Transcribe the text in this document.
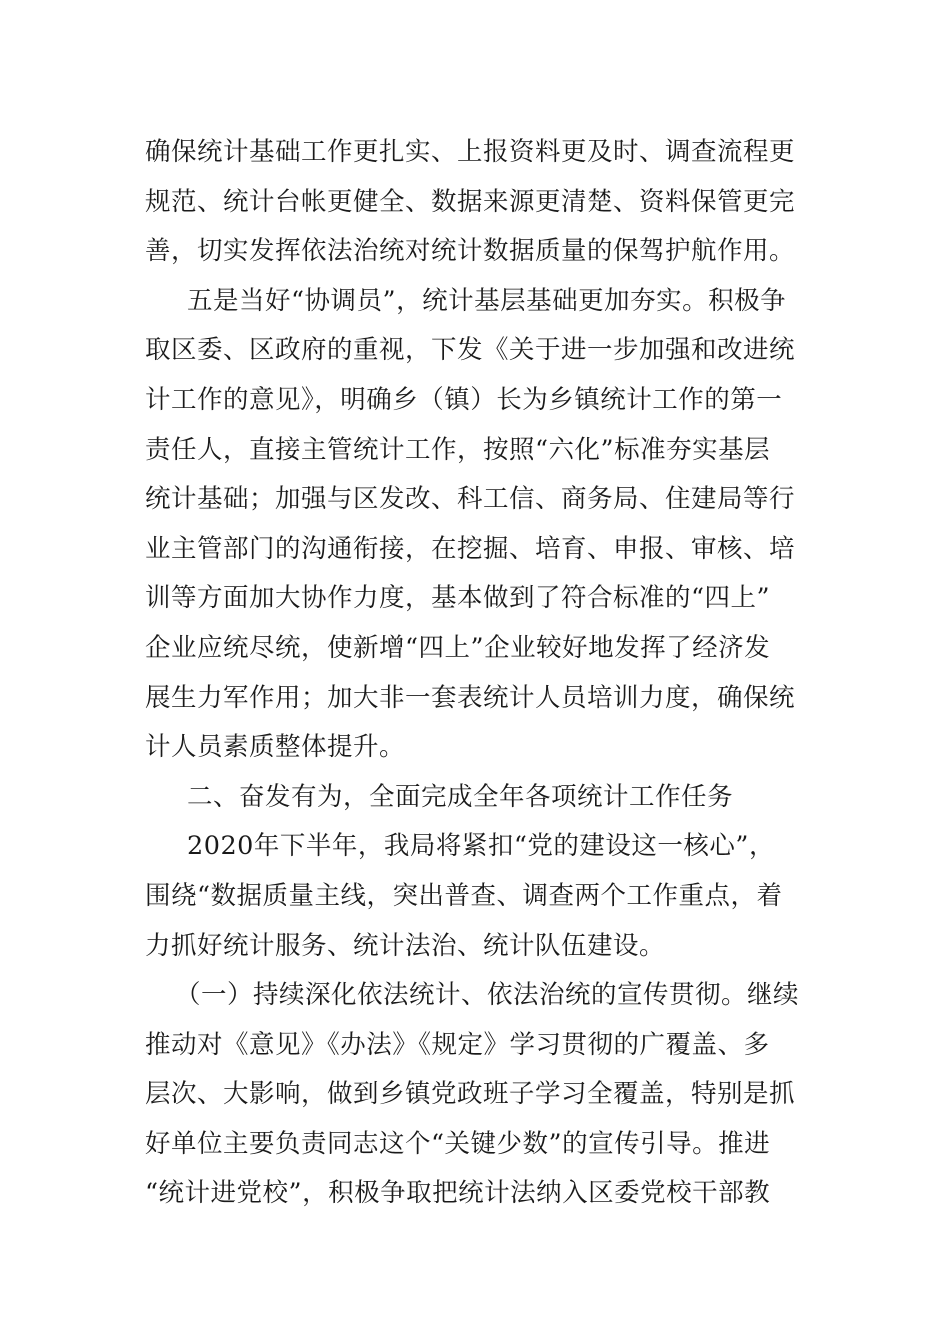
确保统计基础工作更扎实、上报资料更及时、调查流程更
规范、统计台帐更健全、数据来源更清楚、资料保管更完
善，切实发挥依法治统对统计数据质量的保驾护航作用。
五是当好“协调员”，统计基层基础更加夯实。积极争
取区委、区政府的重视，下发《关于进一步加强和改进统
计工作的意见》，明确乡（镇）长为乡镇统计工作的第一
责任人，直接主管统计工作，按照“六化”标准夯实基层
统计基础；加强与区发改、科工信、商务局、住建局等行
业主管部门的沟通衔接，在挖掘、培育、申报、审核、培
训等方面加大协作力度，基本做到了符合标准的“四上”
企业应统尽统，使新增“四上”企业较好地发挥了经济发
展生力军作用；加大非一套表统计人员培训力度，确保统
计人员素质整体提升。
二、奋发有为，全面完成全年各项统计工作任务
2020年下半年，我局将紧扣“党的建设这一核心”，
围绕“数据质量主线，突出普查、调查两个工作重点，着
力抓好统计服务、统计法治、统计队伍建设。
（一）持续深化依法统计、依法治统的宣传贯彻。继续
推动对《意见》《办法》《规定》学习贯彻的广覆盖、多
层次、大影响，做到乡镇党政班子学习全覆盖，特别是抓
好单位主要负责同志这个“关键少数”的宣传引导。推进
“统计进党校”，积极争取把统计法纳入区委党校干部教
